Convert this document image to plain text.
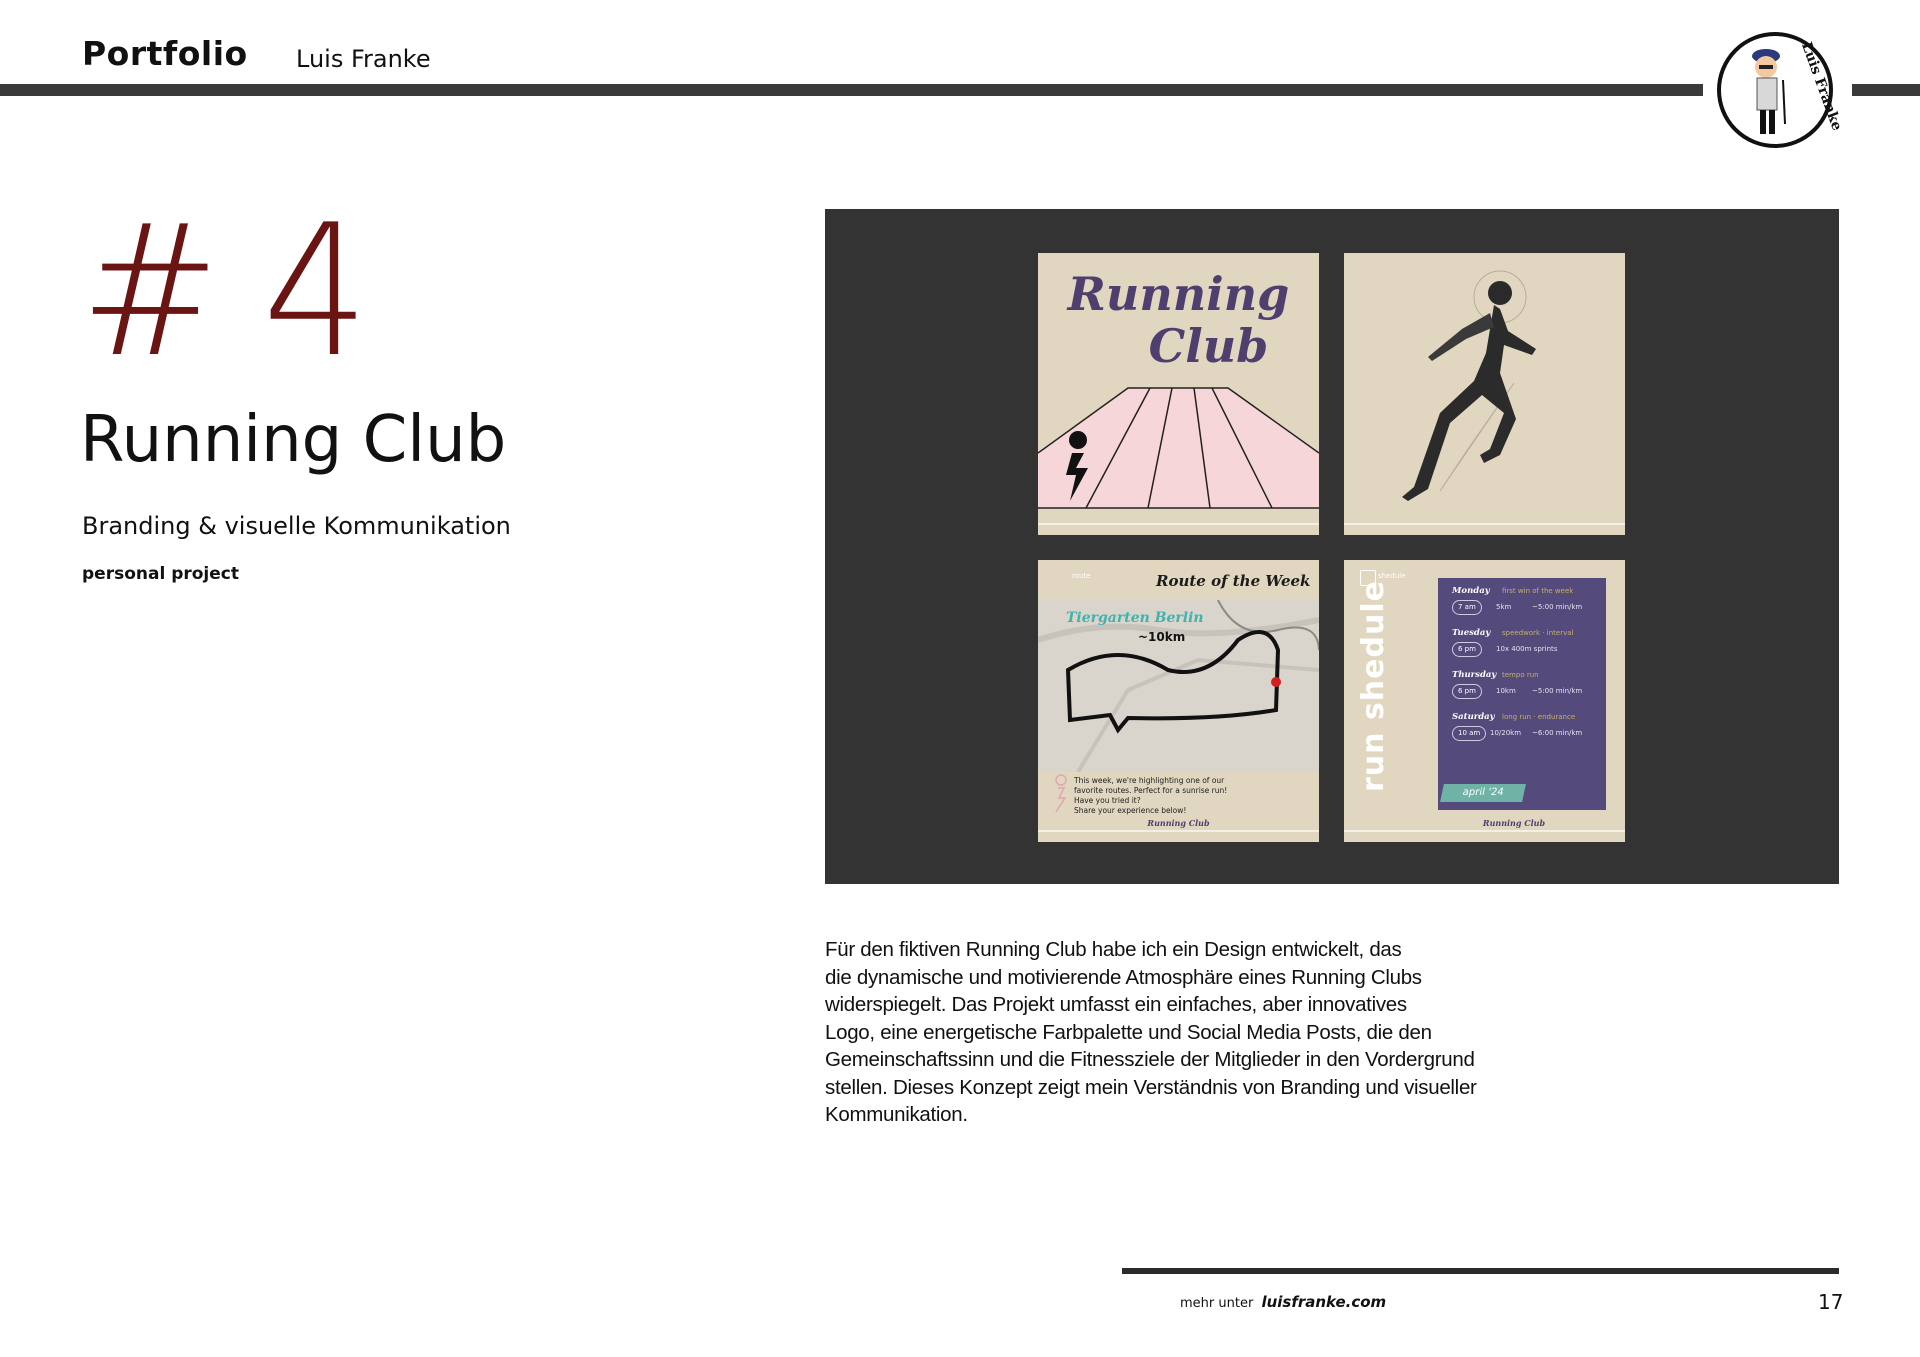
Portfolio Luis Franke	Luis Franke
# 4
Running Club
Branding & visuelle Kommunikation
personal project
Running
Club
route	Route of the Week
Tiergarten Berlin
~10km
This week, we're highlighting one of our
favorite routes. Perfect for a sunrise run!
Have you tried it?
Share your experience below!
Running Club
shedule
run shedule	Monday first win of the week
7 am	5km	~5:00 min/km
Tuesday speedwork · interval
6 pm	10x 400m sprints
Thursday tempo run
6 pm	10km ~5:00 min/km
Saturday long run · endurance
10 am	10/20km ~6:00 min/km
april '24
Running Club
Für den fiktiven Running Club habe ich ein Design entwickelt, das
die dynamische und motivierende Atmosphäre eines Running Clubs
widerspiegelt. Das Projekt umfasst ein einfaches, aber innovatives
Logo, eine energetische Farbpalette und Social Media Posts, die den
Gemeinschaftssinn und die Fitnessziele der Mitglieder in den Vordergrund
stellen. Dieses Konzept zeigt mein Verständnis von Branding und visueller
Kommunikation.
mehr unter luisfranke.com	17
